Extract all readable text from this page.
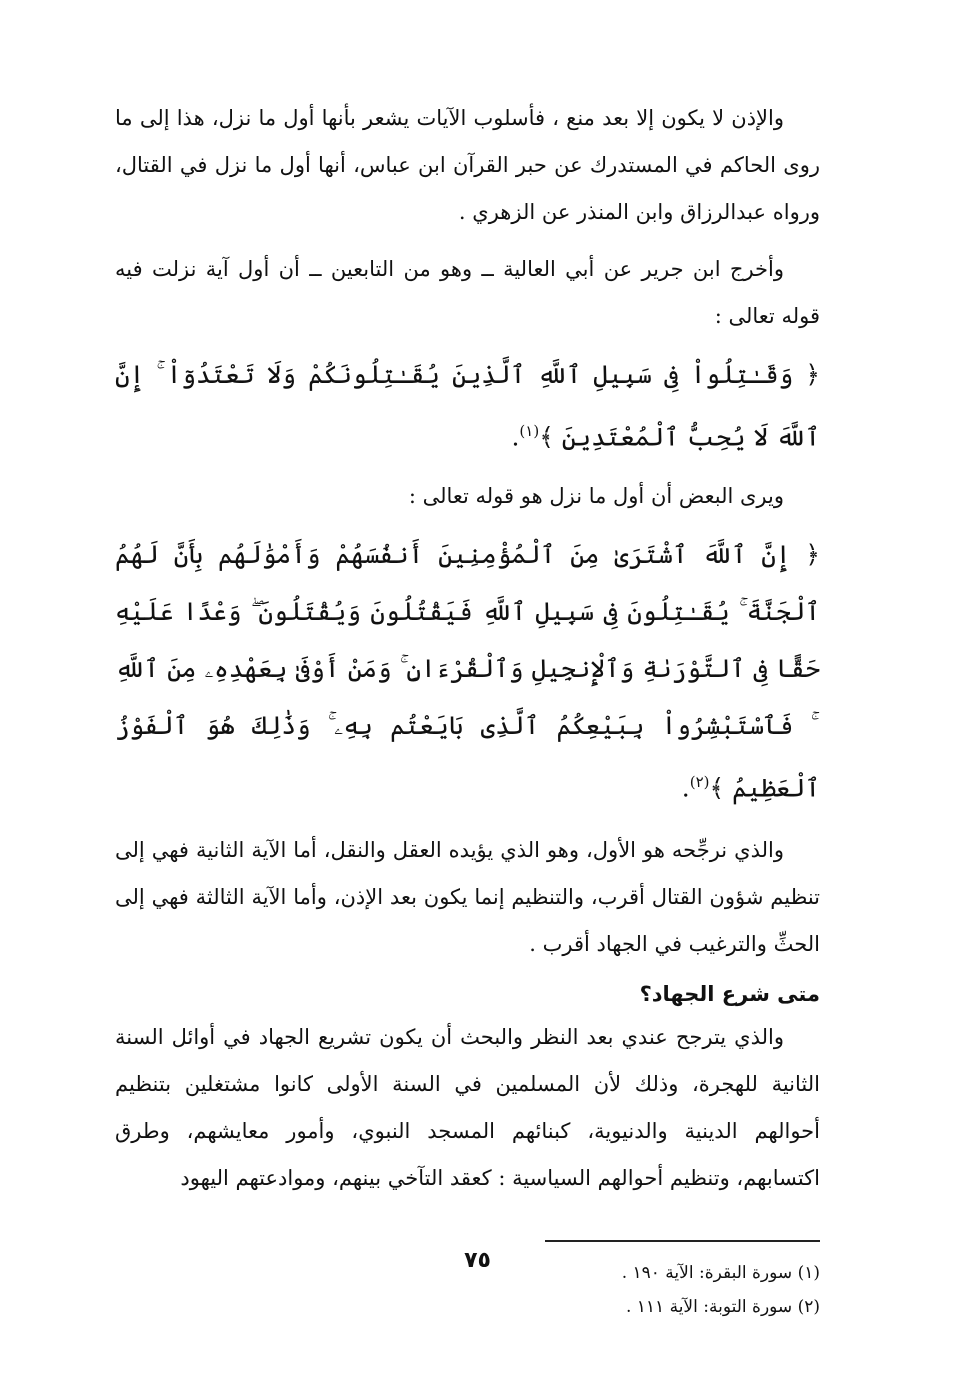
والإذن لا يكون إلا بعد منع ، فأسلوب الآيات يشعر بأنها أول ما نزل، هذا إلى ما روى الحاكم في المستدرك عن حبر القرآن ابن عباس، أنها أول ما نزل في القتال، ورواه عبدالرزاق وابن المنذر عن الزهري .

وأخرج ابن جرير عن أبي العالية ــ وهو من التابعين ــ أن أول آية نزلت فيه قوله تعالى :

﴿ وَقَـٰتِلُواْ فِى سَبِيلِ ٱللَّهِ ٱلَّذِينَ يُقَـٰتِلُونَكُمْ وَلَا تَعْتَدُوٓاْ ۚ إِنَّ ٱللَّهَ لَا يُحِبُّ ٱلْمُعْتَدِينَ ﴾$^{(١)}$.

ويرى البعض أن أول ما نزل هو قوله تعالى :

﴿ إِنَّ ٱللَّهَ ٱشْتَرَىٰ مِنَ ٱلْمُؤْمِنِينَ أَنفُسَهُمْ وَأَمْوَٰلَهُم بِأَنَّ لَهُمُ ٱلْجَنَّةَ ۚ يُقَـٰتِلُونَ فِى سَبِيلِ ٱللَّهِ فَيَقْتُلُونَ وَيُقْتَلُونَ ۖ وَعْدًا عَلَيْهِ حَقًّا فِى ٱلتَّوْرَىٰةِ وَٱلْإِنجِيلِ وَٱلْقُرْءَانِ ۚ وَمَنْ أَوْفَىٰ بِعَهْدِهِۦ مِنَ ٱللَّهِ ۚ فَٱسْتَبْشِرُواْ بِبَيْعِكُمُ ٱلَّذِى بَايَعْتُم بِهِۦ ۚ وَذَٰلِكَ هُوَ ٱلْفَوْزُ ٱلْعَظِيمُ ﴾$^{(٢)}$.

والذي نرجِّحه هو الأول، وهو الذي يؤيده العقل والنقل، أما الآية الثانية فهي إلى تنظيم شؤون القتال أقرب، والتنظيم إنما يكون بعد الإذن، وأما الآية الثالثة فهي إلى الحثِّ والترغيب في الجهاد أقرب .

متى شرع الجهاد؟

والذي يترجح عندي بعد النظر والبحث أن يكون تشريع الجهاد في أوائل السنة الثانية للهجرة، وذلك لأن المسلمين في السنة الأولى كانوا مشتغلين بتنظيم أحوالهم الدينية والدنيوية، كبنائهم المسجد النبوي، وأمور معايشهم، وطرق اكتسابهم، وتنظيم أحوالهم السياسية : كعقد التآخي بينهم، وموادعتهم اليهود

(١) سورة البقرة: الآية ١٩٠ .

(٢) سورة التوبة: الآية ١١١ .

٧٥
